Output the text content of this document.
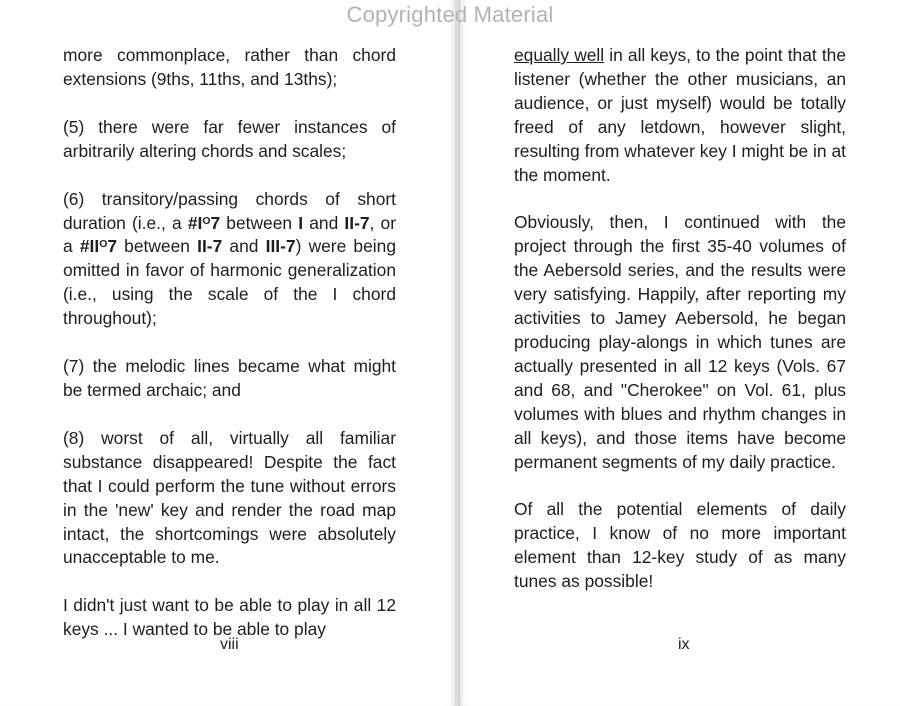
more commonplace, rather than chord extensions (9ths, 11ths, and 13ths);

(5) there were far fewer instances of arbitrarily altering chords and scales;

(6) transitory/passing chords of short duration (i.e., a $\#I^O7$ between I and II-7, or a $\#II^O7$ between II-7 and III-7) were being omitted in favor of harmonic generalization (i.e., using the scale of the I chord throughout);

(7) the melodic lines became what might be termed archaic; and

(8) worst of all, virtually all familiar substance disappeared! Despite the fact that I could perform the tune without errors in the 'new' key and render the road map intact, the shortcomings were absolutely unacceptable to me.

I didn't just want to be able to play in all 12 keys ... I wanted to be able to play

viii

equally well in all keys, to the point that the listener (whether the other musicians, an audience, or just myself) would be totally freed of any letdown, however slight, resulting from whatever key I might be in at the moment.

Obviously, then, I continued with the project through the first 35-40 volumes of the Aebersold series, and the results were very satisfying. Happily, after reporting my activities to Jamey Aebersold, he began producing play-alongs in which tunes are actually presented in all 12 keys (Vols. 67 and 68, and "Cherokee" on Vol. 61, plus volumes with blues and rhythm changes in all keys), and those items have become permanent segments of my daily practice.

Of all the potential elements of daily practice, I know of no more important element than 12-key study of as many tunes as possible!

ix
Copyrighted Material
